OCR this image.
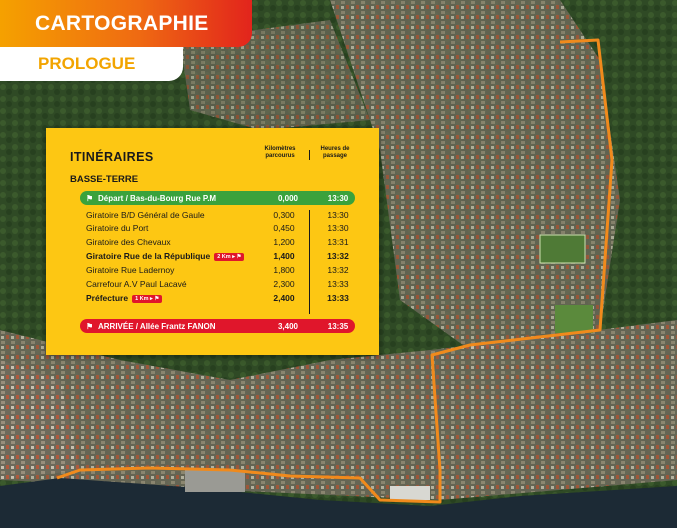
CARTOGRAPHIE
PROLOGUE
ITINÉRAIRES
Kilomètres parcourus
Heures de passage
BASSE-TERRE
⚑ Départ / Bas-du-Bourg Rue P.M	0,000	13:30
Giratoire B/D Général de Gaule	0,300	13:30
Giratoire du Port	0,450	13:30
Giratoire des Chevaux	1,200	13:31
Giratoire Rue de la République 2 Km ▸ ⚑	1,400	13:32
Giratoire Rue Ladernoy	1,800	13:32
Carrefour A.V Paul Lacavé	2,300	13:33
Préfecture 1 Km ▸ ⚑	2,400	13:33
⚑ ARRIVÉE / Allée Frantz FANON	3,400	13:35
